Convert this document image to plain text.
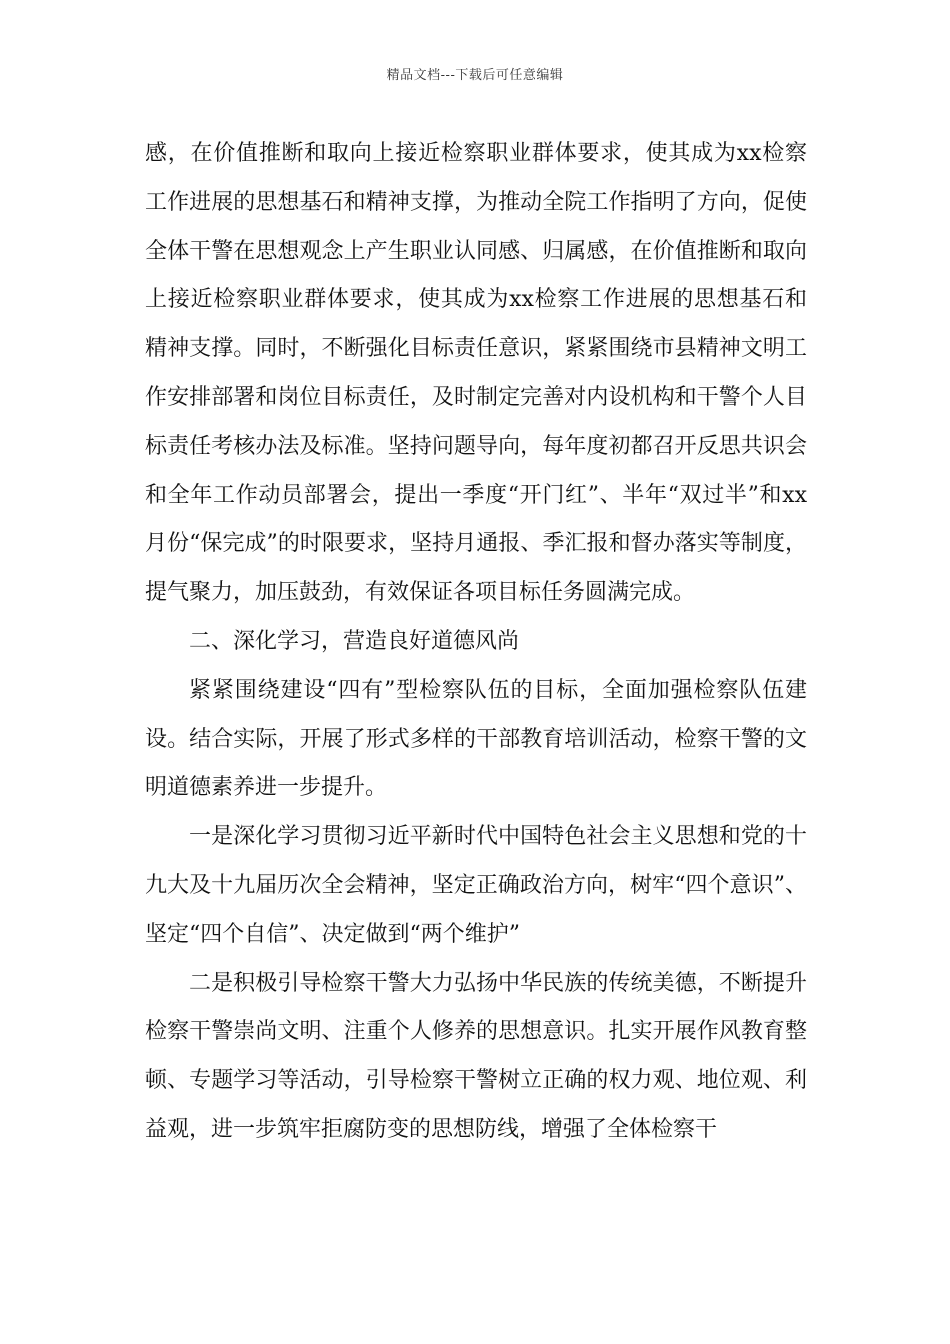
精品文档---下载后可任意编辑

感，在价值推断和取向上接近检察职业群体要求，使其成为xx检察工作进展的思想基石和精神支撑，为推动全院工作指明了方向，促使全体干警在思想观念上产生职业认同感、归属感，在价值推断和取向上接近检察职业群体要求，使其成为xx检察工作进展的思想基石和精神支撑。同时，不断强化目标责任意识，紧紧围绕市县精神文明工作安排部署和岗位目标责任，及时制定完善对内设机构和干警个人目标责任考核办法及标准。坚持问题导向，每年度初都召开反思共识会和全年工作动员部署会，提出一季度“开门红”、半年“双过半”和xx月份“保完成”的时限要求，坚持月通报、季汇报和督办落实等制度，提气聚力，加压鼓劲，有效保证各项目标任务圆满完成。

二、深化学习，营造良好道德风尚

紧紧围绕建设“四有”型检察队伍的目标，全面加强检察队伍建设。结合实际，开展了形式多样的干部教育培训活动，检察干警的文明道德素养进一步提升。

一是深化学习贯彻习近平新时代中国特色社会主义思想和党的十九大及十九届历次全会精神，坚定正确政治方向，树牢“四个意识”、坚定“四个自信”、决定做到“两个维护”

二是积极引导检察干警大力弘扬中华民族的传统美德，不断提升检察干警崇尚文明、注重个人修养的思想意识。扎实开展作风教育整顿、专题学习等活动，引导检察干警树立正确的权力观、地位观、利益观，进一步筑牢拒腐防变的思想防线，增强了全体检察干
